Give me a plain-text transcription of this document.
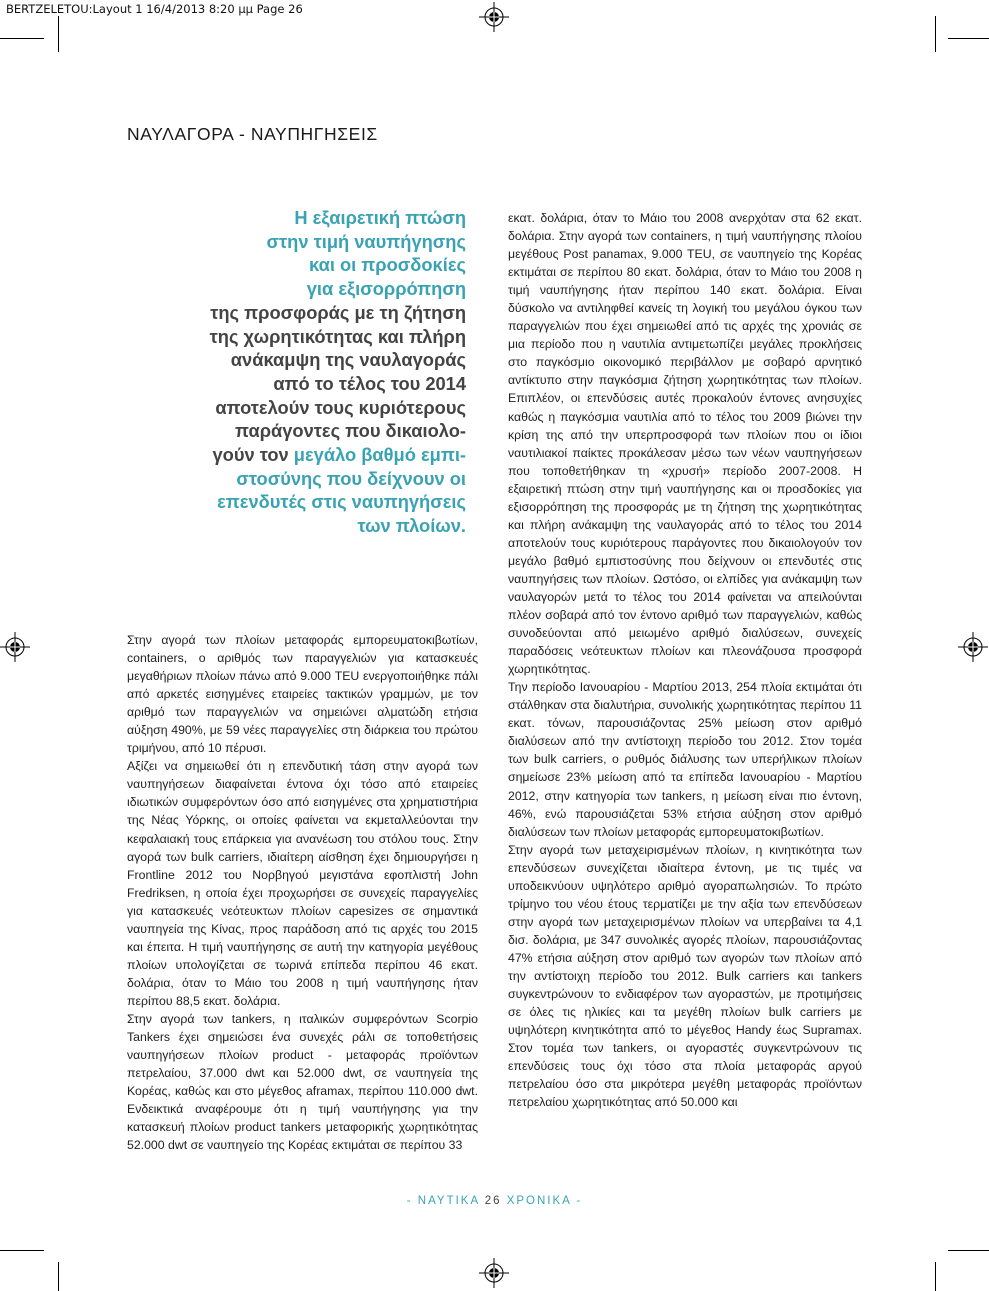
BERTZELETOU:Layout 1 16/4/2013 8:20 μμ Page 26
ΝΑΥΛΑΓΟΡΑ - ΝΑΥΠΗΓΗΣΕΙΣ
Η εξαιρετική πτώση
στην τιμή ναυπήγησης
και οι προσδοκίες
για εξισορρόπηση
της προσφοράς με τη ζήτηση
της χωρητικότητας και πλήρη
ανάκαμψη της ναυλαγοράς
από το τέλος του 2014
αποτελούν τους κυριότερους
παράγοντες που δικαιολο-
γούν τον μεγάλο βαθμό εμπι-
στοσύνης που δείχνουν οι
επενδυτές στις ναυπηγήσεις
των πλοίων.

Στην αγορά των πλοίων μεταφοράς εμπορευματοκιβωτίων, containers, ο αριθμός των παραγγελιών για κατασκευές μεγαθήριων πλοίων πάνω από 9.000 TEU ενεργοποιήθηκε πάλι από αρκετές εισηγμένες εταιρείες τακτικών γραμμών, με τον αριθμό των παραγγελιών να σημειώνει αλματώδη ετήσια αύξηση 490%, με 59 νέες παραγγελίες στη διάρκεια του πρώτου τριμήνου, από 10 πέρυσι.

Αξίζει να σημειωθεί ότι η επενδυτική τάση στην αγορά των ναυπηγήσεων διαφαίνεται έντονα όχι τόσο από εταιρείες ιδιωτικών συμφερόντων όσο από εισηγμένες στα χρηματιστήρια της Νέας Υόρκης, οι οποίες φαίνεται να εκμεταλλεύονται την κεφαλαιακή τους επάρκεια για ανανέωση του στόλου τους. Στην αγορά των bulk carriers, ιδιαίτερη αίσθηση έχει δημιουργήσει η Frontline 2012 του Νορβηγού μεγιστάνα εφοπλιστή John Fredriksen, η οποία έχει προχωρήσει σε συνεχείς παραγγελίες για κατασκευές νεότευκτων πλοίων capesizes σε σημαντικά ναυπηγεία της Κίνας, προς παράδοση από τις αρχές του 2015 και έπειτα. Η τιμή ναυπήγησης σε αυτή την κατηγορία μεγέθους πλοίων υπολογίζεται σε τωρινά επίπεδα περίπου 46 εκατ. δολάρια, όταν το Μάιο του 2008 η τιμή ναυπήγησης ήταν περίπου 88,5 εκατ. δολάρια.

Στην αγορά των tankers, η ιταλικών συμφερόντων Scorpio Tankers έχει σημειώσει ένα συνεχές ράλι σε τοποθετήσεις ναυπηγήσεων πλοίων product - μεταφοράς προϊόντων πετρελαίου, 37.000 dwt και 52.000 dwt, σε ναυπηγεία της Κορέας, καθώς και στο μέγεθος aframax, περίπου 110.000 dwt. Ενδεικτικά αναφέρουμε ότι η τιμή ναυπήγησης για την κατασκευή πλοίων product tankers μεταφορικής χωρητικότητας 52.000 dwt σε ναυπηγείο της Κορέας εκτιμάται σε περίπου 33

εκατ. δολάρια, όταν το Μάιο του 2008 ανερχόταν στα 62 εκατ. δολάρια. Στην αγορά των containers, η τιμή ναυπήγησης πλοίου μεγέθους Post panamax, 9.000 TEU, σε ναυπηγείο της Κορέας εκτιμάται σε περίπου 80 εκατ. δολάρια, όταν το Μάιο του 2008 η τιμή ναυπήγησης ήταν περίπου 140 εκατ. δολάρια. Είναι δύσκολο να αντιληφθεί κανείς τη λογική του μεγάλου όγκου των παραγγελιών που έχει σημειωθεί από τις αρχές της χρονιάς σε μια περίοδο που η ναυτιλία αντιμετωπίζει μεγάλες προκλήσεις στο παγκόσμιο οικονομικό περιβάλλον με σοβαρό αρνητικό αντίκτυπο στην παγκόσμια ζήτηση χωρητικότητας των πλοίων. Επιπλέον, οι επενδύσεις αυτές προκαλούν έντονες ανησυχίες καθώς η παγκόσμια ναυτιλία από το τέλος του 2009 βιώνει την κρίση της από την υπερπροσφορά των πλοίων που οι ίδιοι ναυτιλιακοί παίκτες προκάλεσαν μέσω των νέων ναυπηγήσεων που τοποθετήθηκαν τη «χρυσή» περίοδο 2007-2008. Η εξαιρετική πτώση στην τιμή ναυπήγησης και οι προσδοκίες για εξισορρόπηση της προσφοράς με τη ζήτηση της χωρητικότητας και πλήρη ανάκαμψη της ναυλαγοράς από το τέλος του 2014 αποτελούν τους κυριότερους παράγοντες που δικαιολογούν τον μεγάλο βαθμό εμπιστοσύνης που δείχνουν οι επενδυτές στις ναυπηγήσεις των πλοίων. Ωστόσο, οι ελπίδες για ανάκαμψη των ναυλαγορών μετά το τέλος του 2014 φαίνεται να απειλούνται πλέον σοβαρά από τον έντονο αριθμό των παραγγελιών, καθώς συνοδεύονται από μειωμένο αριθμό διαλύσεων, συνεχείς παραδόσεις νεότευκτων πλοίων και πλεονάζουσα προσφορά χωρητικότητας.

Την περίοδο Ιανουαρίου - Μαρτίου 2013, 254 πλοία εκτιμάται ότι στάλθηκαν στα διαλυτήρια, συνολικής χωρητικότητας περίπου 11 εκατ. τόνων, παρουσιάζοντας 25% μείωση στον αριθμό διαλύσεων από την αντίστοιχη περίοδο του 2012. Στον τομέα των bulk carriers, ο ρυθμός διάλυσης των υπερήλικων πλοίων σημείωσε 23% μείωση από τα επίπεδα Ιανουαρίου - Μαρτίου 2012, στην κατηγορία των tankers, η μείωση είναι πιο έντονη, 46%, ενώ παρουσιάζεται 53% ετήσια αύξηση στον αριθμό διαλύσεων των πλοίων μεταφοράς εμπορευματοκιβωτίων.

Στην αγορά των μεταχειρισμένων πλοίων, η κινητικότητα των επενδύσεων συνεχίζεται ιδιαίτερα έντονη, με τις τιμές να υποδεικνύουν υψηλότερο αριθμό αγοραπωλησιών. Το πρώτο τρίμηνο του νέου έτους τερματίζει με την αξία των επενδύσεων στην αγορά των μεταχειρισμένων πλοίων να υπερβαίνει τα 4,1 δισ. δολάρια, με 347 συνολικές αγορές πλοίων, παρουσιάζοντας 47% ετήσια αύξηση στον αριθμό των αγορών των πλοίων από την αντίστοιχη περίοδο του 2012. Bulk carriers και tankers συγκεντρώνουν το ενδιαφέρον των αγοραστών, με προτιμήσεις σε όλες τις ηλικίες και τα μεγέθη πλοίων bulk carriers με υψηλότερη κινητικότητα από το μέγεθος Handy έως Supramax. Στον τομέα των tankers, οι αγοραστές συγκεντρώνουν τις επενδύσεις τους όχι τόσο στα πλοία μεταφοράς αργού πετρελαίου όσο στα μικρότερα μεγέθη μεταφοράς προϊόντων πετρελαίου χωρητικότητας από 50.000 και

- ΝΑΥΤΙΚΑ 26 ΧΡΟΝΙΚΑ -
